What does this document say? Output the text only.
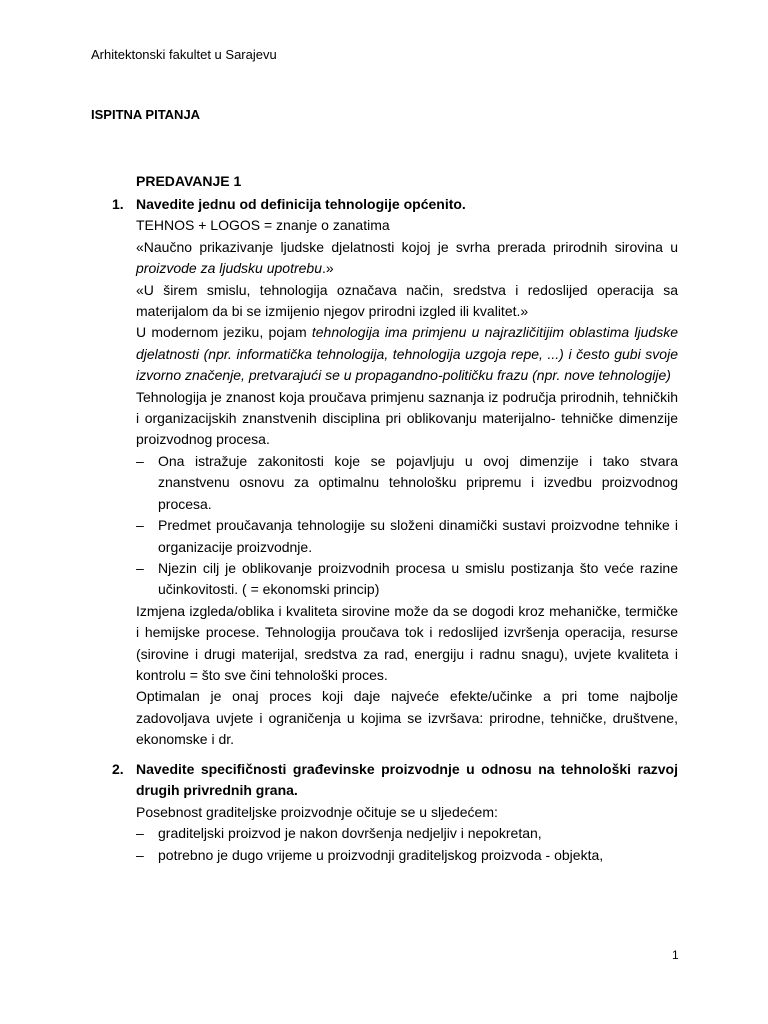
Arhitektonski fakultet u Sarajevu
ISPITNA PITANJA
PREDAVANJE 1
1. Navedite jednu od definicija tehnologije općenito.

TEHNOS + LOGOS = znanje o zanatima

«Naučno prikazivanje ljudske djelatnosti kojoj je svrha prerada prirodnih sirovina u proizvode za ljudsku upotrebu.»

«U širem smislu, tehnologija označava način, sredstva i redoslijed operacija sa materijalom da bi se izmijenio njegov prirodni izgled ili kvalitet.»

U modernom jeziku, pojam tehnologija ima primjenu u najrazličitijim oblastima ljudske djelatnosti (npr. informatička tehnologija, tehnologija uzgoja repe, ...) i često gubi svoje izvorno značenje, pretvarajući se u propagandno-političku frazu (npr. nove tehnologije)

Tehnologija je znanost koja proučava primjenu saznanja iz područja prirodnih, tehničkih i organizacijskih znanstvenih disciplina pri oblikovanju materijalno- tehničke dimenzije proizvodnog procesa.

– Ona istražuje zakonitosti koje se pojavljuju u ovoj dimenzije i tako stvara znanstvenu osnovu za optimalnu tehnološku pripremu i izvedbu proizvodnog procesa.
– Predmet proučavanja tehnologije su složeni dinamički sustavi proizvodne tehnike i organizacije proizvodnje.
– Njezin cilj je oblikovanje proizvodnih procesa u smislu postizanja što veće razine učinkovitosti. ( = ekonomski princip)

Izmjena izgleda/oblika i kvaliteta sirovine može da se dogodi kroz mehaničke, termičke i hemijske procese. Tehnologija proučava tok i redoslijed izvršenja operacija, resurse (sirovine i drugi materijal, sredstva za rad, energiju i radnu snagu), uvjete kvaliteta i kontrolu = što sve čini tehnološki proces.

Optimalan je onaj proces koji daje najveće efekte/učinke a pri tome najbolje zadovoljava uvjete i ograničenja u kojima se izvršava: prirodne, tehničke, društvene, ekonomske i dr.

2. Navedite specifičnosti građevinske proizvodnje u odnosu na tehnološki razvoj drugih privrednih grana.

Posebnost graditeljske proizvodnje očituje se u sljedećem:

– graditeljski proizvod je nakon dovršenja nedjeljiv i nepokretan,
– potrebno je dugo vrijeme u proizvodnji graditeljskog proizvoda - objekta,
1
